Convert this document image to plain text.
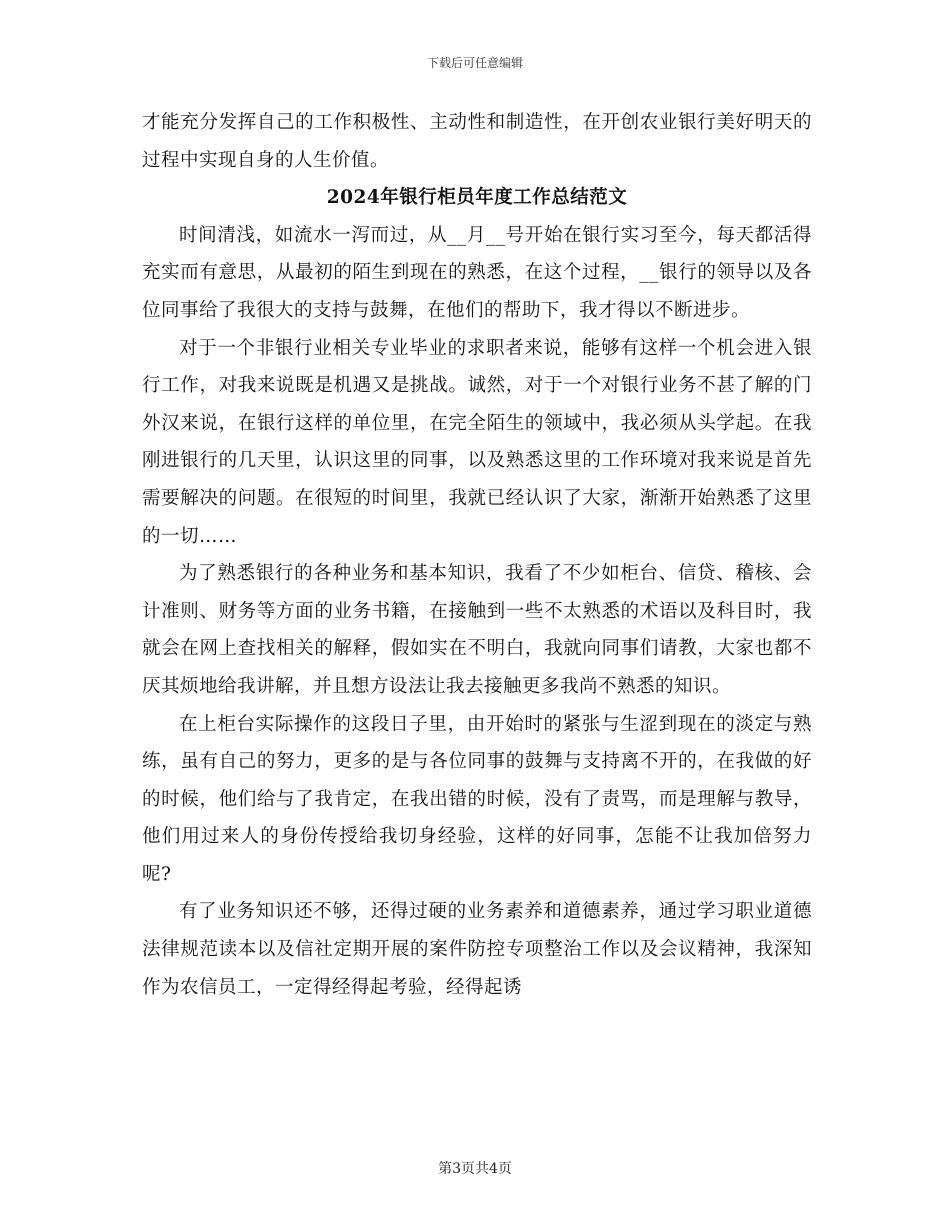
下载后可任意编辑

才能充分发挥自己的工作积极性、主动性和制造性，在开创农业银行美好明天的过程中实现自身的人生价值。

2024年银行柜员年度工作总结范文

时间清浅，如流水一泻而过，从__月__号开始在银行实习至今，每天都活得充实而有意思，从最初的陌生到现在的熟悉，在这个过程，__银行的领导以及各位同事给了我很大的支持与鼓舞，在他们的帮助下，我才得以不断进步。

对于一个非银行业相关专业毕业的求职者来说，能够有这样一个机会进入银行工作，对我来说既是机遇又是挑战。诚然，对于一个对银行业务不甚了解的门外汉来说，在银行这样的单位里，在完全陌生的领域中，我必须从头学起。在我刚进银行的几天里，认识这里的同事，以及熟悉这里的工作环境对我来说是首先需要解决的问题。在很短的时间里，我就已经认识了大家，渐渐开始熟悉了这里的一切……

为了熟悉银行的各种业务和基本知识，我看了不少如柜台、信贷、稽核、会计准则、财务等方面的业务书籍，在接触到一些不太熟悉的术语以及科目时，我就会在网上查找相关的解释，假如实在不明白，我就向同事们请教，大家也都不厌其烦地给我讲解，并且想方设法让我去接触更多我尚不熟悉的知识。

在上柜台实际操作的这段日子里，由开始时的紧张与生涩到现在的淡定与熟练，虽有自己的努力，更多的是与各位同事的鼓舞与支持离不开的，在我做的好的时候，他们给与了我肯定，在我出错的时候，没有了责骂，而是理解与教导，他们用过来人的身份传授给我切身经验，这样的好同事，怎能不让我加倍努力呢?

有了业务知识还不够，还得过硬的业务素养和道德素养，通过学习职业道德法律规范读本以及信社定期开展的案件防控专项整治工作以及会议精神，我深知作为农信员工，一定得经得起考验，经得起诱

第3页共4页
